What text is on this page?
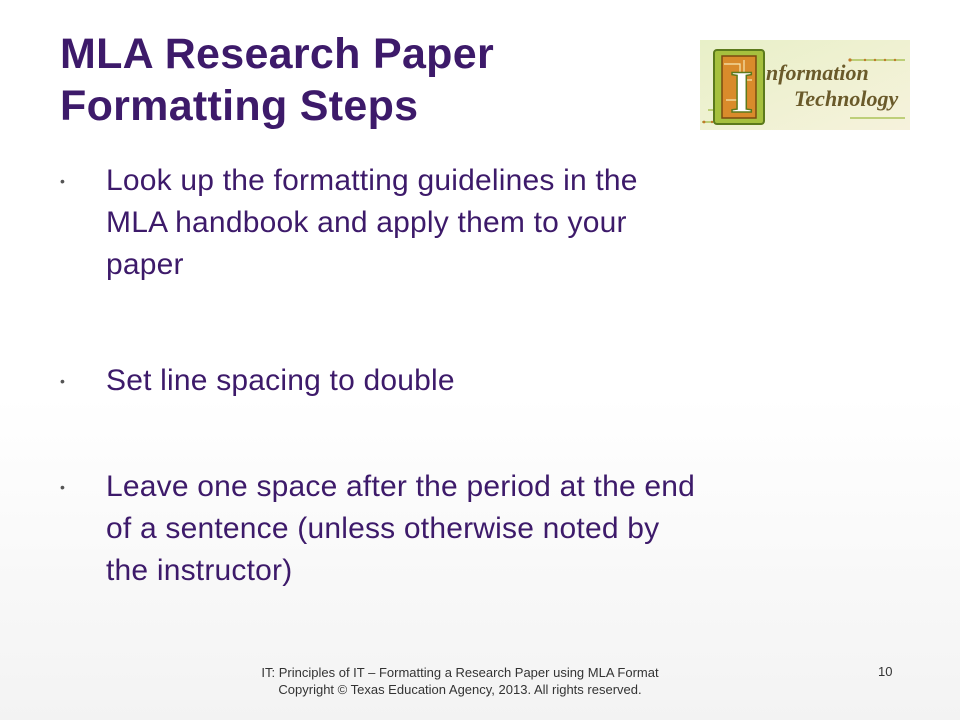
MLA Research Paper
Formatting Steps	I nformation
Technology
•	Look up the formatting guidelines in the
MLA handbook and apply them to your
paper
•	Set line spacing to double
•	Leave one space after the period at the end
of a sentence (unless otherwise noted by
the instructor)
IT: Principles of IT – Formatting a Research Paper using MLA Format
Copyright © Texas Education Agency, 2013. All rights reserved.
10
